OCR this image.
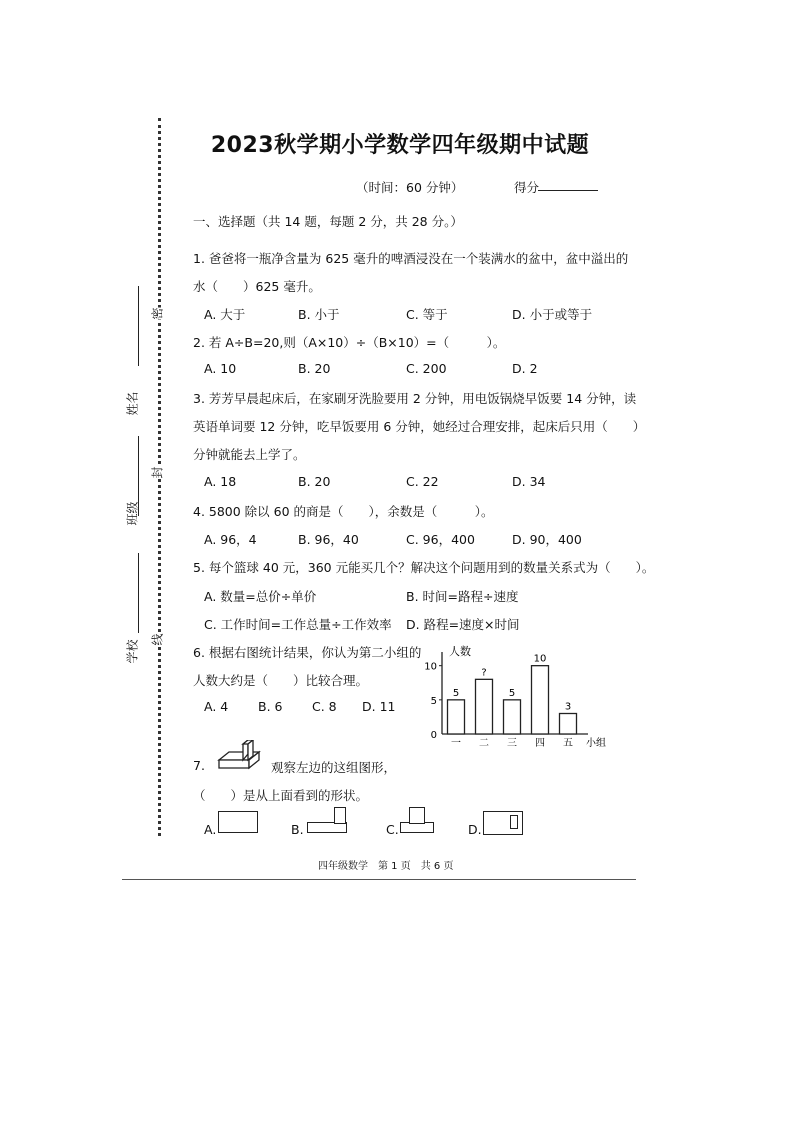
姓名
班级
学校
密
封
线
2023秋学期小学数学四年级期中试题
（时间：60 分钟）	得分
一、选择题（共 14 题，每题 2 分，共 28 分。）
1. 爸爸将一瓶净含量为 625 毫升的啤酒浸没在一个装满水的盆中，盆中溢出的
水（　　）625 毫升。
A. 大于	B. 小于	C. 等于	D. 小于或等于
2. 若 A÷B=20,则（A×10）÷（B×10）=（　　　）。
A. 10	B. 20	C. 200	D. 2
3. 芳芳早晨起床后，在家刷牙洗脸要用 2 分钟，用电饭锅烧早饭要 14 分钟，读
英语单词要 12 分钟，吃早饭要用 6 分钟，她经过合理安排，起床后只用（　　）
分钟就能去上学了。
A. 18	B. 20	C. 22	D. 34
4. 5800 除以 60 的商是（　　），余数是（　　　）。
A. 96，4	B. 96，40	C. 96，400	D. 90，400
5. 每个篮球 40 元，360 元能买几个？解决这个问题用到的数量关系式为（　　）。
A. 数量=总价÷单价	B. 时间=路程÷速度
C. 工作时间=工作总量÷工作效率 D. 路程=速度×时间
6. 根据右图统计结果，你认为第二小组的
人数大约是（　　）比较合理。
A. 4 B. 6 C. 8 D. 11
人数
小组
0
5
10
5
一
?
二
5
三
10
四
3
五
7.	观察左边的这组图形，
（　　）是从上面看到的形状。
A.	B.	C.	D.
四年级数学　第 1 页　共 6 页
